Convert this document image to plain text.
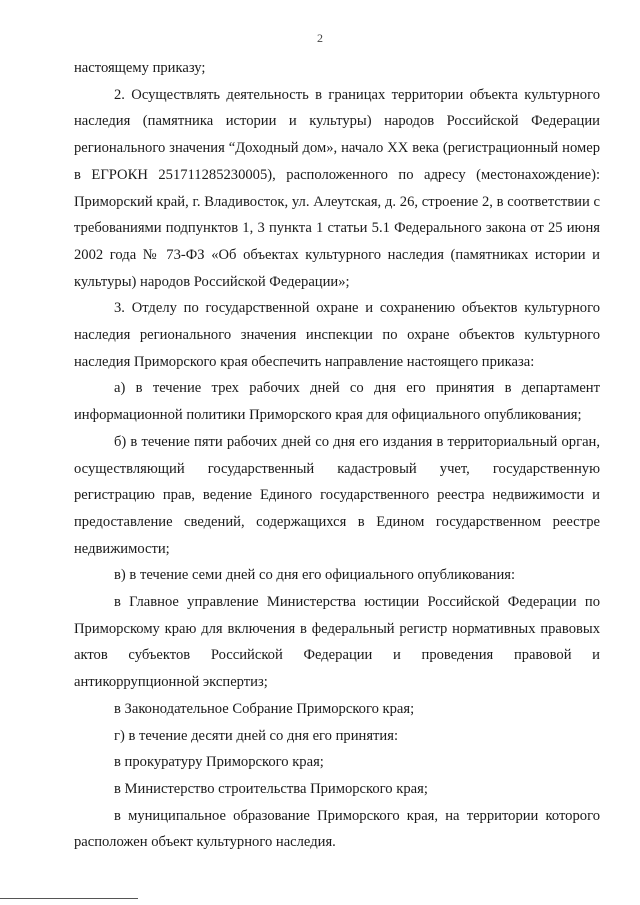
2

настоящему приказу;

2. Осуществлять деятельность в границах территории объекта культурного наследия (памятника истории и культуры) народов Российской Федерации регионального значения “Доходный дом», начало XX века (регистрационный номер в ЕГРОКН 251711285230005), расположенного по адресу (местонахождение): Приморский край, г. Владивосток, ул. Алеутская, д. 26, строение 2, в соответствии с требованиями подпунктов 1, 3 пункта 1 статьи 5.1 Федерального закона от 25 июня 2002 года № 73-ФЗ «Об объектах культурного наследия (памятниках истории и культуры) народов Российской Федерации»;

3. Отделу по государственной охране и сохранению объектов культурного наследия регионального значения инспекции по охране объектов культурного наследия Приморского края обеспечить направление настоящего приказа:

а) в течение трех рабочих дней со дня его принятия в департамент информационной политики Приморского края для официального опубликования;

б) в течение пяти рабочих дней со дня его издания в территориальный орган, осуществляющий государственный кадастровый учет, государственную регистрацию прав, ведение Единого государственного реестра недвижимости и предоставление сведений, содержащихся в Едином государственном реестре недвижимости;

в) в течение семи дней со дня его официального опубликования:

в Главное управление Министерства юстиции Российской Федерации по Приморскому краю для включения в федеральный регистр нормативных правовых актов субъектов Российской Федерации и проведения правовой и антикоррупционной экспертиз;

в Законодательное Собрание Приморского края;

г) в течение десяти дней со дня его принятия:

в прокуратуру Приморского края;

в Министерство строительства Приморского края;

в муниципальное образование Приморского края, на территории которого расположен объект культурного наследия.
